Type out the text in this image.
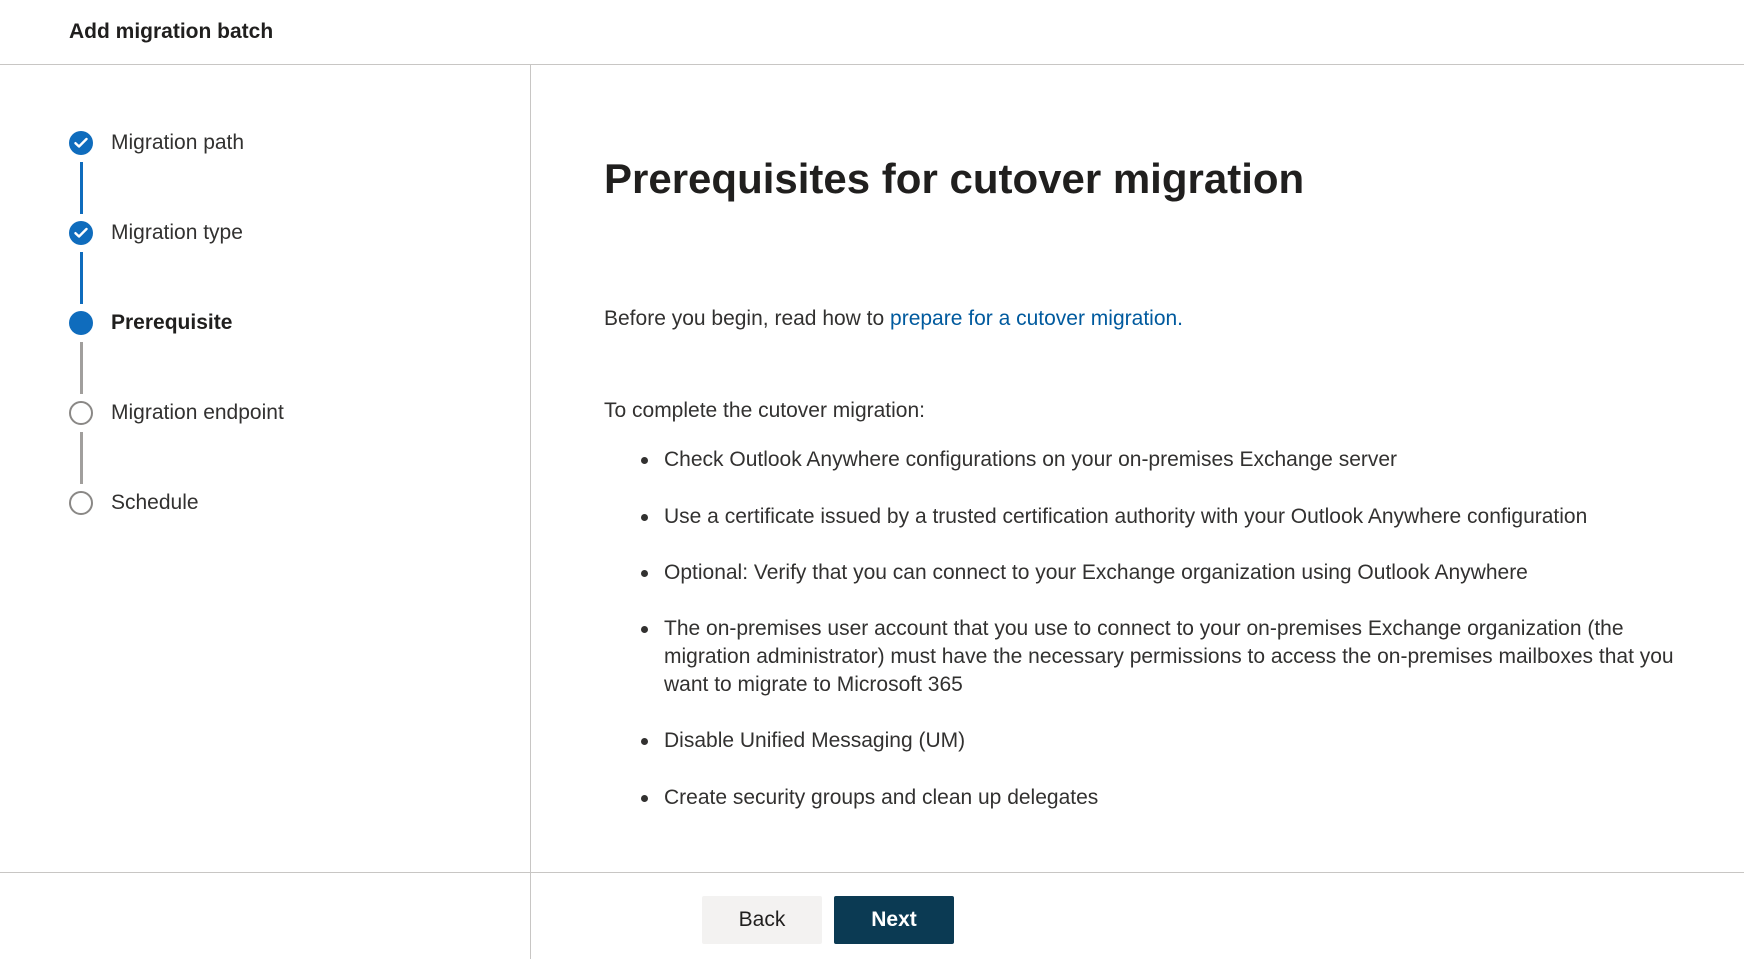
Add migration batch
Migration path
Migration type
Prerequisite
Migration endpoint
Schedule
Prerequisites for cutover migration

Before you begin, read how to prepare for a cutover migration.

To complete the cutover migration:

Check Outlook Anywhere configurations on your on-premises Exchange server
Use a certificate issued by a trusted certification authority with your Outlook Anywhere configuration
Optional: Verify that you can connect to your Exchange organization using Outlook Anywhere
The on-premises user account that you use to connect to your on-premises Exchange organization (the migration administrator) must have the necessary permissions to access the on-premises mailboxes that you want to migrate to Microsoft 365
Disable Unified Messaging (UM)
Create security groups and clean up delegates
Back	Next
